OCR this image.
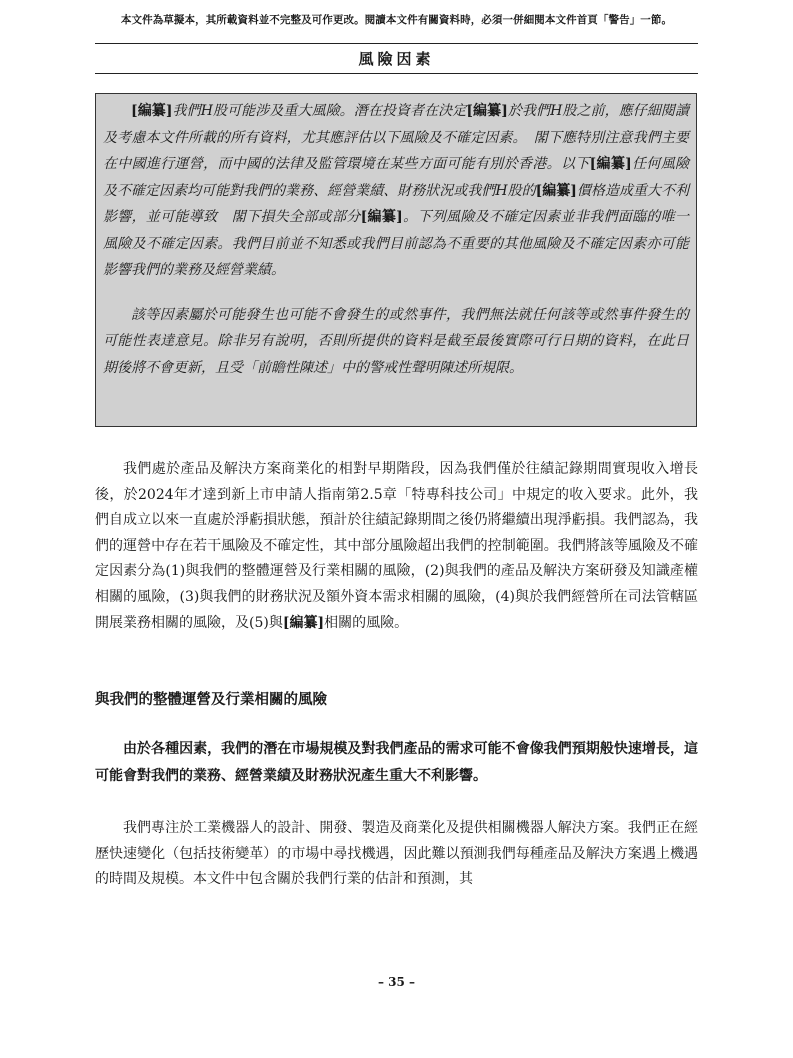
本文件為草擬本，其所載資料並不完整及可作更改。閱讀本文件有關資料時，必須一併細閱本文件首頁「警告」一節。
風險因素

[編纂]我們H股可能涉及重大風險。潛在投資者在決定[編纂]於我們H股之前，應仔細閱讀及考慮本文件所載的所有資料，尤其應評估以下風險及不確定因素。　閣下應特別注意我們主要在中國進行運營，而中國的法律及監管環境在某些方面可能有別於香港。以下[編纂]任何風險及不確定因素均可能對我們的業務、經營業績、財務狀況或我們H股的[編纂]價格造成重大不利影響，並可能導致　閣下損失全部或部分[編纂]。下列風險及不確定因素並非我們面臨的唯一風險及不確定因素。我們目前並不知悉或我們目前認為不重要的其他風險及不確定因素亦可能影響我們的業務及經營業績。

該等因素屬於可能發生也可能不會發生的或然事件，我們無法就任何該等或然事件發生的可能性表達意見。除非另有說明，否則所提供的資料是截至最後實際可行日期的資料，在此日期後將不會更新，且受「前瞻性陳述」中的警戒性聲明陳述所規限。

我們處於產品及解決方案商業化的相對早期階段，因為我們僅於往績記錄期間實現收入增長後，於2024年才達到新上市申請人指南第2.5章「特專科技公司」中規定的收入要求。此外，我們自成立以來一直處於淨虧損狀態，預計於往績記錄期間之後仍將繼續出現淨虧損。我們認為，我們的運營中存在若干風險及不確定性，其中部分風險超出我們的控制範圍。我們將該等風險及不確定因素分為(1)與我們的整體運營及行業相關的風險，(2)與我們的產品及解決方案研發及知識產權相關的風險，(3)與我們的財務狀況及額外資本需求相關的風險，(4)與於我們經營所在司法管轄區開展業務相關的風險，及(5)與[編纂]相關的風險。

與我們的整體運營及行業相關的風險

由於各種因素，我們的潛在市場規模及對我們產品的需求可能不會像我們預期般快速增長，這可能會對我們的業務、經營業績及財務狀況產生重大不利影響。

我們專注於工業機器人的設計、開發、製造及商業化及提供相關機器人解決方案。我們正在經歷快速變化（包括技術變革）的市場中尋找機遇，因此難以預測我們每種產品及解決方案遇上機遇的時間及規模。本文件中包含關於我們行業的估計和預測，其

– 35 –
